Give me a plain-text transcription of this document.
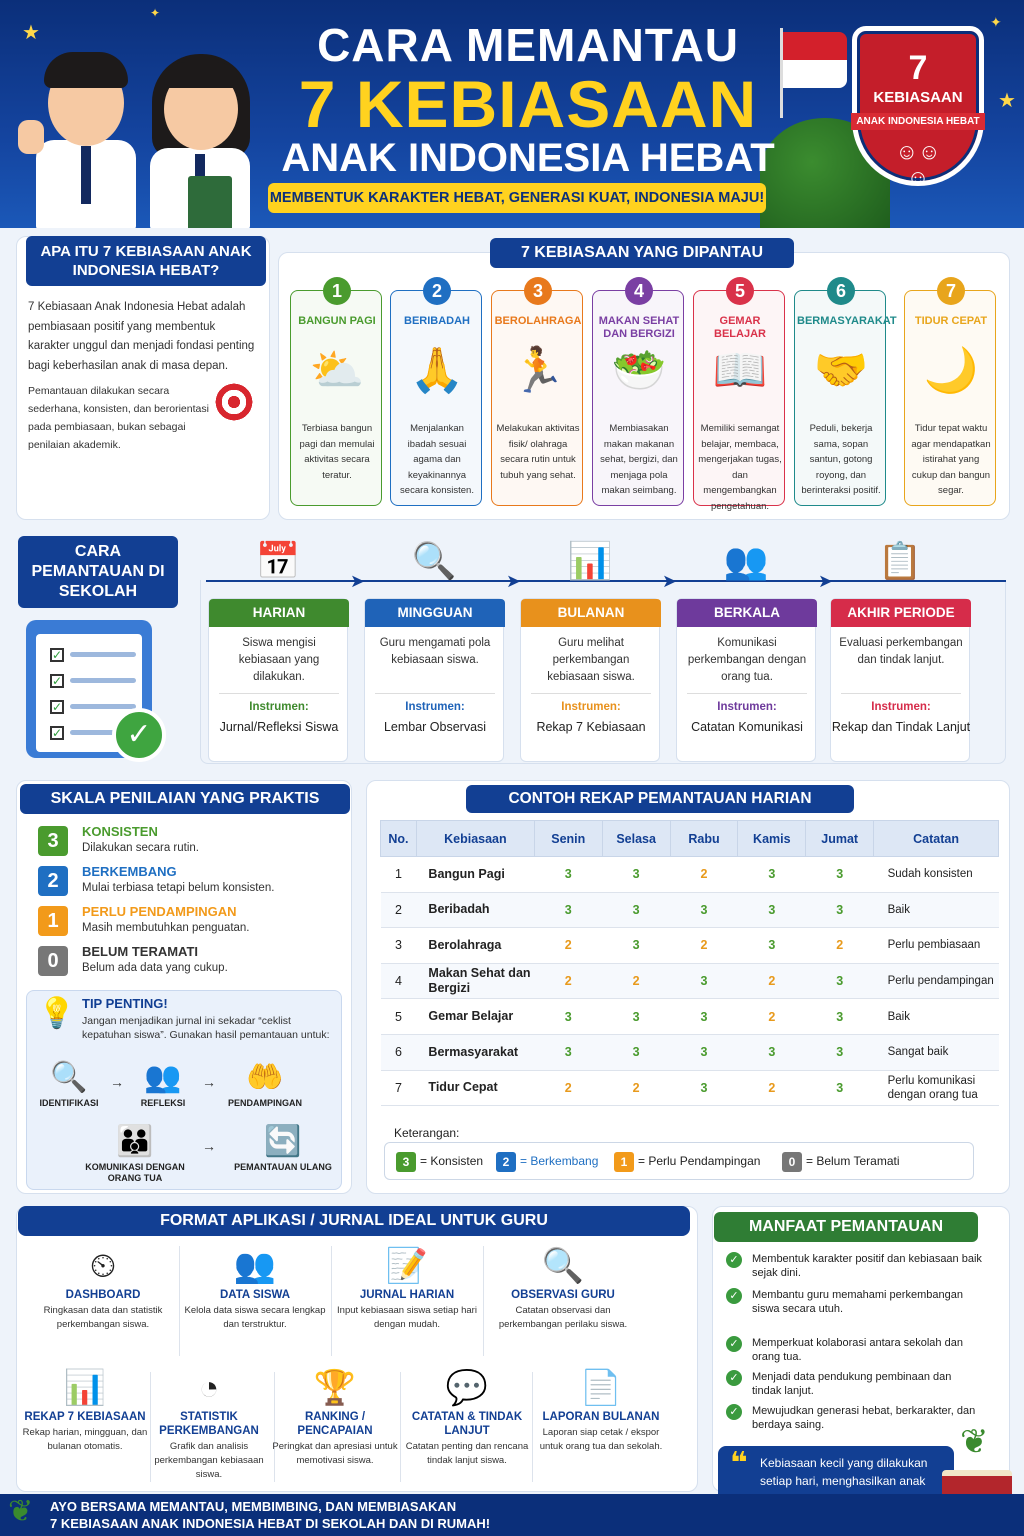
★
✦
✦
★
7
KEBIASAAN
ANAK INDONESIA HEBAT
☺☺☺
CARA MEMANTAU
7 KEBIASAAN
ANAK INDONESIA HEBAT
MEMBENTUK KARAKTER HEBAT, GENERASI KUAT, INDONESIA MAJU!
APA ITU 7 KEBIASAAN ANAK INDONESIA HEBAT?
7 Kebiasaan Anak Indonesia Hebat adalah pembiasaan positif yang membentuk karakter unggul dan menjadi fondasi penting bagi keberhasilan anak di masa depan.
Pemantauan dilakukan secara sederhana, konsisten, dan berorientasi pada pembiasaan, bukan sebagai penilaian akademik.
7 KEBIASAAN YANG DIPANTAU
1
BANGUN PAGI
⛅
Terbiasa bangun pagi dan memulai aktivitas secara teratur.
2
BERIBADAH
🙏
Menjalankan ibadah sesuai agama dan keyakinannya secara konsisten.
3
BEROLAHRAGA
🏃
Melakukan aktivitas fisik/ olahraga secara rutin untuk tubuh yang sehat.
4
MAKAN SEHAT DAN BERGIZI
🥗
Membiasakan makan makanan sehat, bergizi, dan menjaga pola makan seimbang.
5
GEMAR BELAJAR
📖
Memiliki semangat belajar, membaca, mengerjakan tugas, dan mengembangkan pengetahuan.
6
BERMASYARAKAT
🤝
Peduli, bekerja sama, sopan santun, gotong royong, dan berinteraksi positif.
7
TIDUR CEPAT
🌙
Tidur tepat waktu agar mendapatkan istirahat yang cukup dan bangun segar.
CARA PEMANTAUAN DI SEKOLAH
✓
✓
✓
✓	✓
📅
HARIAN
Siswa mengisi kebiasaan yang dilakukan.
Instrumen:
Jurnal/Refleksi Siswa
➤ 🔍
MINGGUAN
Guru mengamati pola kebiasaan siswa.
Instrumen:
Lembar Observasi
➤ 📊
BULANAN
Guru melihat perkembangan kebiasaan siswa.
Instrumen:
Rekap 7 Kebiasaan
➤ 👥
BERKALA
Komunikasi perkembangan dengan orang tua.
Instrumen:
Catatan Komunikasi
➤ 📋
AKHIR PERIODE
Evaluasi perkembangan dan tindak lanjut.
Instrumen:
Rekap dan Tindak Lanjut
SKALA PENILAIAN YANG PRAKTIS
3	KONSISTEN
Dilakukan secara rutin.
2	BERKEMBANG
Mulai terbiasa tetapi belum konsisten.
1	PERLU PENDAMPINGAN
Masih membutuhkan penguatan.
0	BELUM TERAMATI
Belum ada data yang cukup.
💡 TIP PENTING!
Jangan menjadikan jurnal ini sekadar “ceklist kepatuhan siswa”. Gunakan hasil pemantauan untuk:
🔍
IDENTIFIKASI
👥
REFLEKSI
🤲
PENDAMPINGAN
👪
KOMUNIKASI DENGAN ORANG TUA
🔄
PEMANTAUAN ULANG
→	→
→
CONTOH REKAP PEMANTAUAN HARIAN
No.	Kebiasaan	Senin	Selasa	Rabu	Kamis	Jumat	Catatan
1	Bangun Pagi	3	3	2	3	3	Sudah konsisten
2	Beribadah	3	3	3	3	3	Baik
3	Berolahraga	2	3	2	3	2	Perlu pembiasaan
4	Makan Sehat dan Bergizi	2	2	3	2	3	Perlu pendampingan
5	Gemar Belajar	3	3	3	2	3	Baik
6	Bermasyarakat	3	3	3	3	3	Sangat baik
7	Tidur Cepat	2	2	3	2	3	Perlu komunikasi dengan orang tua
Keterangan:
3 = Konsisten	2 = Berkembang	1 = Perlu Pendampingan	0 = Belum Teramati
FORMAT APLIKASI / JURNAL IDEAL UNTUK GURU
⏲
DASHBOARD
Ringkasan data dan statistik perkembangan siswa.
👥
DATA SISWA
Kelola data siswa secara lengkap dan terstruktur.
📝
JURNAL HARIAN
Input kebiasaan siswa setiap hari dengan mudah.
🔍
OBSERVASI GURU
Catatan observasi dan perkembangan perilaku siswa.
📊
REKAP 7 KEBIASAAN
Rekap harian, mingguan, dan bulanan otomatis.
◔
STATISTIK PERKEMBANGAN
Grafik dan analisis perkembangan kebiasaan siswa.
🏆
RANKING / PENCAPAIAN
Peringkat dan apresiasi untuk memotivasi siswa.
💬
CATATAN & TINDAK LANJUT
Catatan penting dan rencana tindak lanjut siswa.
📄
LAPORAN BULANAN
Laporan siap cetak / ekspor untuk orang tua dan sekolah.
MANFAAT PEMANTAUAN
✓	Membentuk karakter positif dan kebiasaan baik sejak dini.
✓	Membantu guru memahami perkembangan siswa secara utuh.
✓	Memperkuat kolaborasi antara sekolah dan orang tua.
✓	Menjadi data pendukung pembinaan dan tindak lanjut.
✓	Mewujudkan generasi hebat, berkarakter, dan berdaya saing.
❝ Kebiasaan kecil yang dilakukan setiap hari, menghasilkan anak
❦
❦ AYO BERSAMA MEMANTAU, MEMBIMBING, DAN MEMBIASAKAN
7 KEBIASAAN ANAK INDONESIA HEBAT DI SEKOLAH DAN DI RUMAH!
